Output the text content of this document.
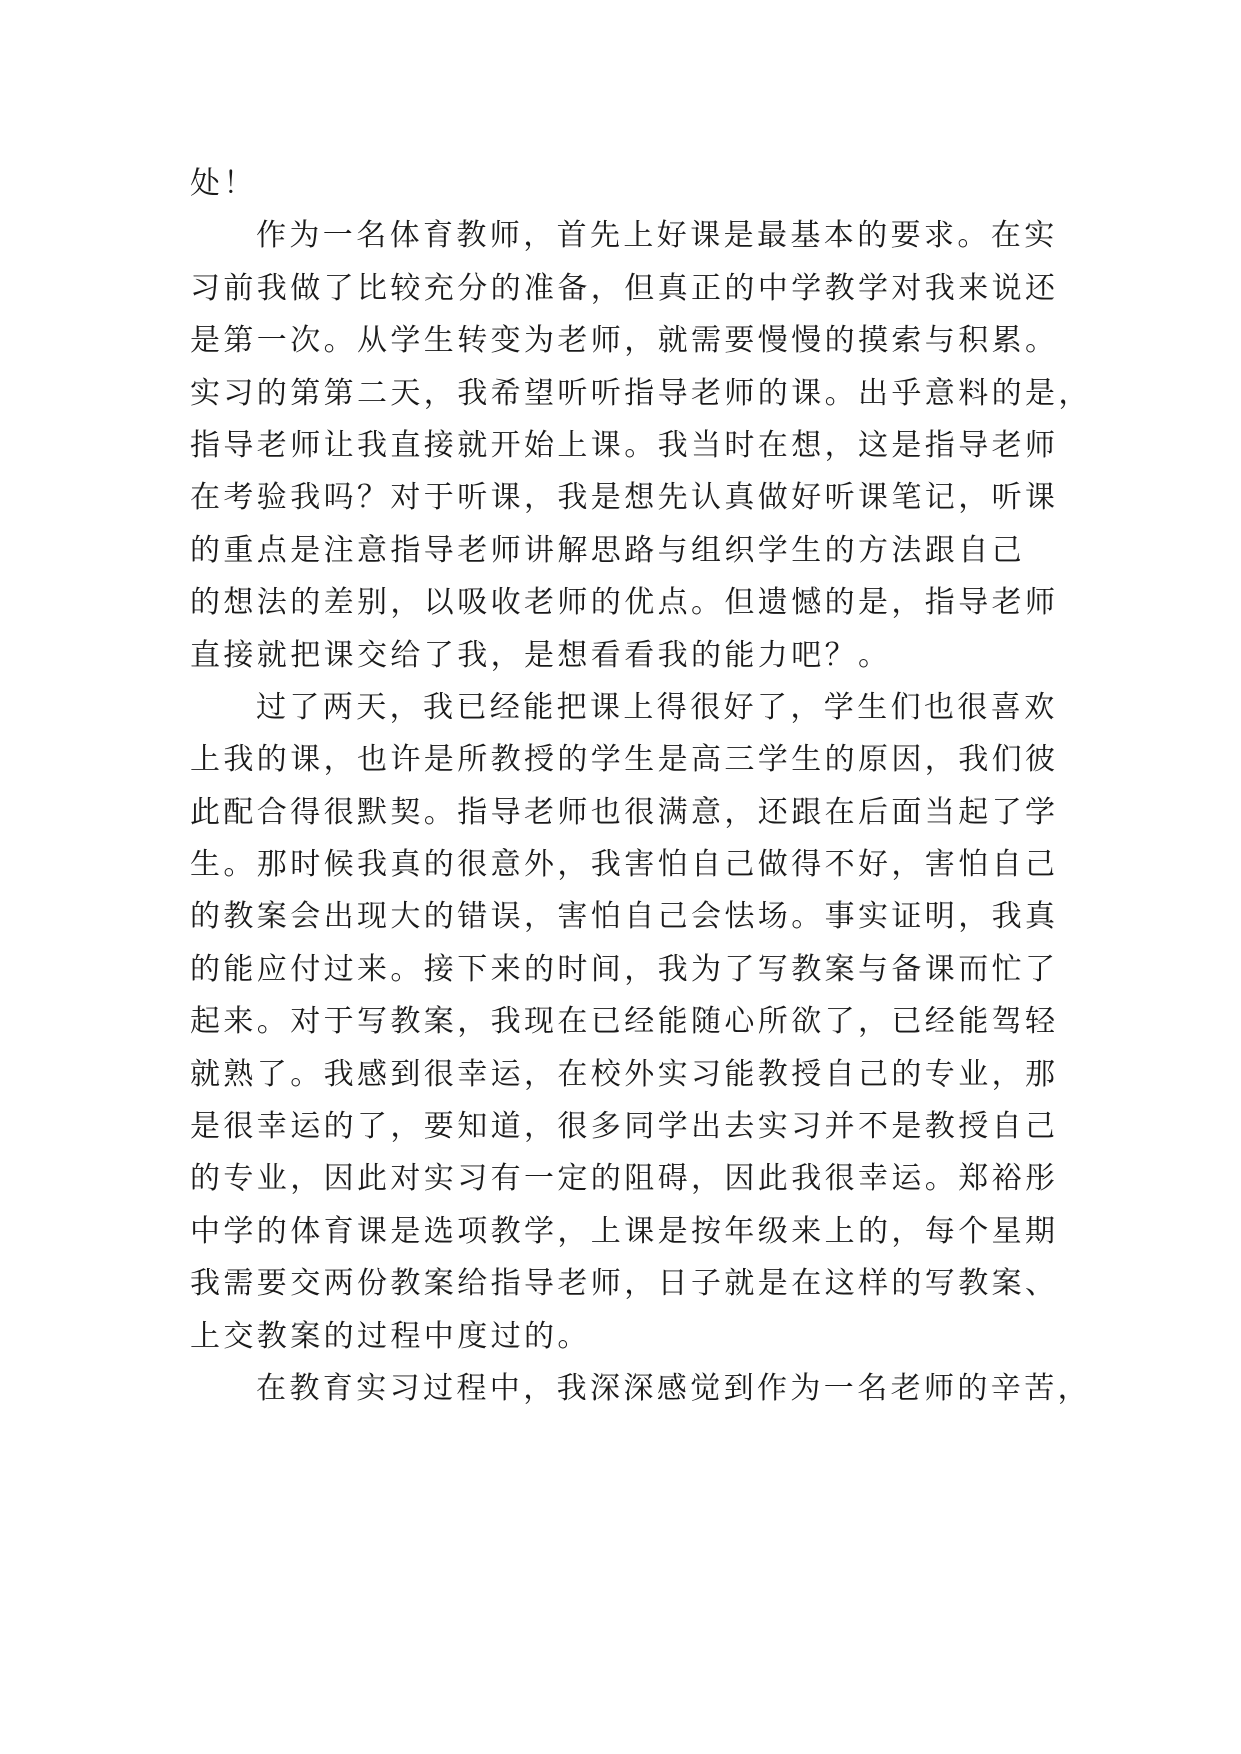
处！
作为一名体育教师，首先上好课是最基本的要求。在实
习前我做了比较充分的准备，但真正的中学教学对我来说还
是第一次。从学生转变为老师，就需要慢慢的摸索与积累。
实习的第第二天，我希望听听指导老师的课。出乎意料的是，
指导老师让我直接就开始上课。我当时在想，这是指导老师
在考验我吗？对于听课，我是想先认真做好听课笔记，听课
的重点是注意指导老师讲解思路与组织学生的方法跟自己
的想法的差别，以吸收老师的优点。但遗憾的是，指导老师
直接就把课交给了我，是想看看我的能力吧？。
过了两天，我已经能把课上得很好了，学生们也很喜欢
上我的课，也许是所教授的学生是高三学生的原因，我们彼
此配合得很默契。指导老师也很满意，还跟在后面当起了学
生。那时候我真的很意外，我害怕自己做得不好，害怕自己
的教案会出现大的错误，害怕自己会怯场。事实证明，我真
的能应付过来。接下来的时间，我为了写教案与备课而忙了
起来。对于写教案，我现在已经能随心所欲了，已经能驾轻
就熟了。我感到很幸运，在校外实习能教授自己的专业，那
是很幸运的了，要知道，很多同学出去实习并不是教授自己
的专业，因此对实习有一定的阻碍，因此我很幸运。郑裕彤
中学的体育课是选项教学，上课是按年级来上的，每个星期
我需要交两份教案给指导老师，日子就是在这样的写教案、
上交教案的过程中度过的。
在教育实习过程中，我深深感觉到作为一名老师的辛苦，
